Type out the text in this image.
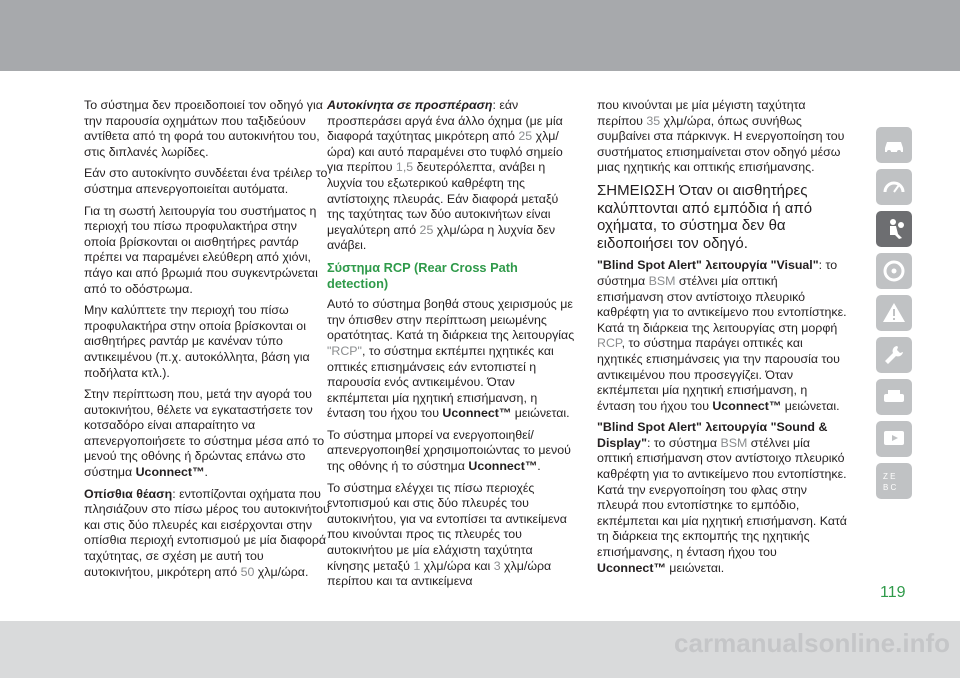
Το σύστημα δεν προειδοποιεί τον οδηγό για την παρουσία οχημάτων που ταξιδεύουν αντίθετα από τη φορά του αυτοκινήτου του, στις διπλανές λωρίδες.

Εάν στο αυτοκίνητο συνδέεται ένα τρέιλερ το σύστημα απενεργοποιείται αυτόματα.

Για τη σωστή λειτουργία του συστήματος η περιοχή του πίσω προφυλακτήρα στην οποία βρίσκονται οι αισθητήρες ραντάρ πρέπει να παραμένει ελεύθερη από χιόνι, πάγο και από βρωμιά που συγκεντρώνεται από το οδόστρωμα.

Μην καλύπτετε την περιοχή του πίσω προφυλακτήρα στην οποία βρίσκονται οι αισθητήρες ραντάρ με κανέναν τύπο αντικειμένου (π.χ. αυτοκόλλητα, βάση για ποδήλατα κτλ.).

Στην περίπτωση που, μετά την αγορά του αυτοκινήτου, θέλετε να εγκαταστήσετε τον κοτσαδόρο είναι απαραίτητο να απενεργοποιήσετε το σύστημα μέσα από το μενού της οθόνης ή δρώντας επάνω στο σύστημα Uconnect™.

Οπίσθια θέαση: εντοπίζονται οχήματα που πλησιάζουν στο πίσω μέρος του αυτοκινήτου και στις δύο πλευρές και εισέρχονται στην οπίσθια περιοχή εντοπισμού με μία διαφορά ταχύτητας, σε σχέση με αυτή του αυτοκινήτου, μικρότερη από 50 χλμ/ώρα.

Αυτοκίνητα σε προσπέραση: εάν προσπεράσει αργά ένα άλλο όχημα (με μία διαφορά ταχύτητας μικρότερη από 25 χλμ/ώρα) και αυτό παραμένει στο τυφλό σημείο για περίπου 1,5 δευτερόλεπτα, ανάβει η λυχνία του εξωτερικού καθρέφτη της αντίστοιχης πλευράς. Εάν διαφορά μεταξύ της ταχύτητας των δύο αυτοκινήτων είναι μεγαλύτερη από 25 χλμ/ώρα η λυχνία δεν ανάβει.

Σύστημα RCP (Rear Cross Path detection)

Αυτό το σύστημα βοηθά στους χειρισμούς με την όπισθεν στην περίπτωση μειωμένης ορατότητας. Κατά τη διάρκεια της λειτουργίας "RCP", το σύστημα εκπέμπει ηχητικές και οπτικές επισημάνσεις εάν εντοπιστεί η παρουσία ενός αντικειμένου. Όταν εκπέμπεται μία ηχητική επισήμανση, η ένταση του ήχου του Uconnect™ μειώνεται.

Το σύστημα μπορεί να ενεργοποιηθεί/ απενεργοποιηθεί χρησιμοποιώντας το μενού της οθόνης ή το σύστημα Uconnect™.

Το σύστημα ελέγχει τις πίσω περιοχές εντοπισμού και στις δύο πλευρές του αυτοκινήτου, για να εντοπίσει τα αντικείμενα που κινούνται προς τις πλευρές του αυτοκινήτου με μία ελάχιστη ταχύτητα κίνησης μεταξύ 1 χλμ/ώρα και 3 χλμ/ώρα περίπου και τα αντικείμενα

που κινούνται με μία μέγιστη ταχύτητα περίπου 35 χλμ/ώρα, όπως συνήθως συμβαίνει στα πάρκινγκ. Η ενεργοποίηση του συστήματος επισημαίνεται στον οδηγό μέσω μιας ηχητικής και οπτικής επισήμανσης.

ΣΗΜΕΙΩΣΗ Όταν οι αισθητήρες καλύπτονται από εμπόδια ή από οχήματα, το σύστημα δεν θα ειδοποιήσει τον οδηγό.

"Blind Spot Alert" λειτουργία "Visual": το σύστημα BSM στέλνει μία οπτική επισήμανση στον αντίστοιχο πλευρικό καθρέφτη για το αντικείμενο που εντοπίστηκε. Κατά τη διάρκεια της λειτουργίας στη μορφή RCP, το σύστημα παράγει οπτικές και ηχητικές επισημάνσεις για την παρουσία του αντικειμένου που προσεγγίζει. Όταν εκπέμπεται μία ηχητική επισήμανση, η ένταση του ήχου του Uconnect™ μειώνεται.

"Blind Spot Alert" λειτουργία "Sound & Display": το σύστημα BSM στέλνει μία οπτική επισήμανση στον αντίστοιχο πλευρικό καθρέφτη για το αντικείμενο που εντοπίστηκε. Κατά την ενεργοποίηση του φλας στην πλευρά που εντοπίστηκε το εμπόδιο, εκπέμπεται και μία ηχητική επισήμανση. Κατά τη διάρκεια της εκπομπής της ηχητικής επισήμανσης, η ένταση ήχου του Uconnect™ μειώνεται.

Z E
B C
119
carmanualsonline.info
